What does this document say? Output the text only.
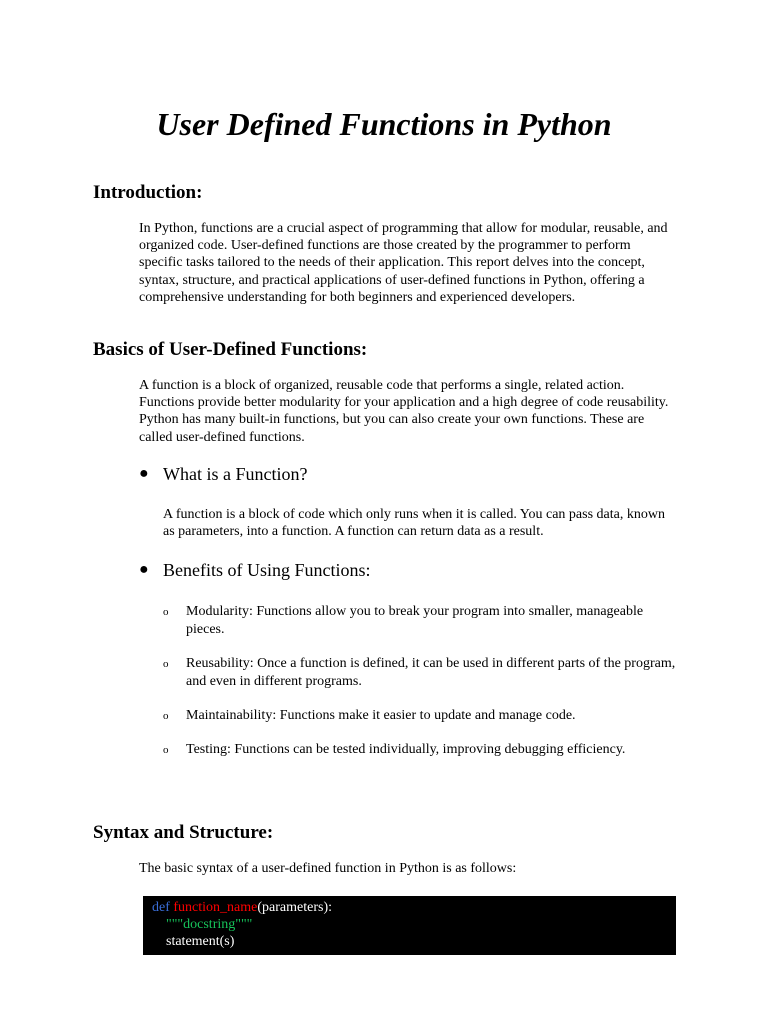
User Defined Functions in Python
Introduction:

In Python, functions are a crucial aspect of programming that allow for modular, reusable, and organized code. User-defined functions are those created by the programmer to perform specific tasks tailored to the needs of their application. This report delves into the concept, syntax, structure, and practical applications of user-defined functions in Python, offering a comprehensive understanding for both beginners and experienced developers.

Basics of User-Defined Functions:

A function is a block of organized, reusable code that performs a single, related action. Functions provide better modularity for your application and a high degree of code reusability. Python has many built-in functions, but you can also create your own functions. These are called user-defined functions.

● What is a Function?

A function is a block of code which only runs when it is called. You can pass data, known as parameters, into a function. A function can return data as a result.

● Benefits of Using Functions:
o Modularity: Functions allow you to break your program into smaller, manageable pieces.
o Reusability: Once a function is defined, it can be used in different parts of the program, and even in different programs.
o Maintainability: Functions make it easier to update and manage code.
o Testing: Functions can be tested individually, improving debugging efficiency.
Syntax and Structure:

The basic syntax of a user-defined function in Python is as follows:

def function_name(parameters):
"""docstring"""
statement(s)
